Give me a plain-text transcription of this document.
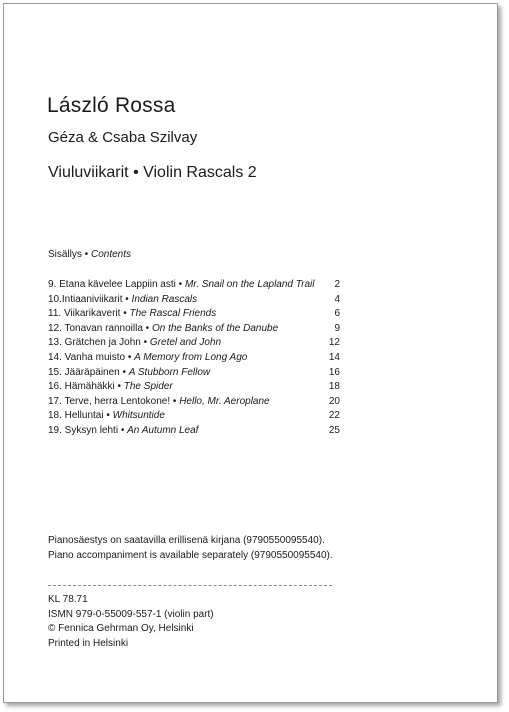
László Rossa
Géza & Csaba Szilvay
Viuluviikarit • Violin Rascals 2
Sisällys • Contents
9. Etana kävelee Lappiin asti • Mr. Snail on the Lapland Trail 2
10.Intiaaniviikarit • Indian Rascals	4
11. Viikarikaverit • The Rascal Friends	6
12. Tonavan rannoilla • On the Banks of the Danube	9
13. Grätchen ja John • Gretel and John	12
14. Vanha muisto • A Memory from Long Ago	14
15. Jääräpäinen • A Stubborn Fellow	16
16. Hämähäkki • The Spider	18
17. Terve, herra Lentokone! • Hello, Mr. Aeroplane	20
18. Helluntai • Whitsuntide	22
19. Syksyn lehti • An Autumn Leaf	25
Pianosäestys on saatavilla erillisenä kirjana (9790550095540).
Piano accompaniment is available separately (9790550095540).
KL 78.71
ISMN 979-0-55009-557-1 (violin part)
© Fennica Gehrman Oy, Helsinki
Printed in Helsinki
